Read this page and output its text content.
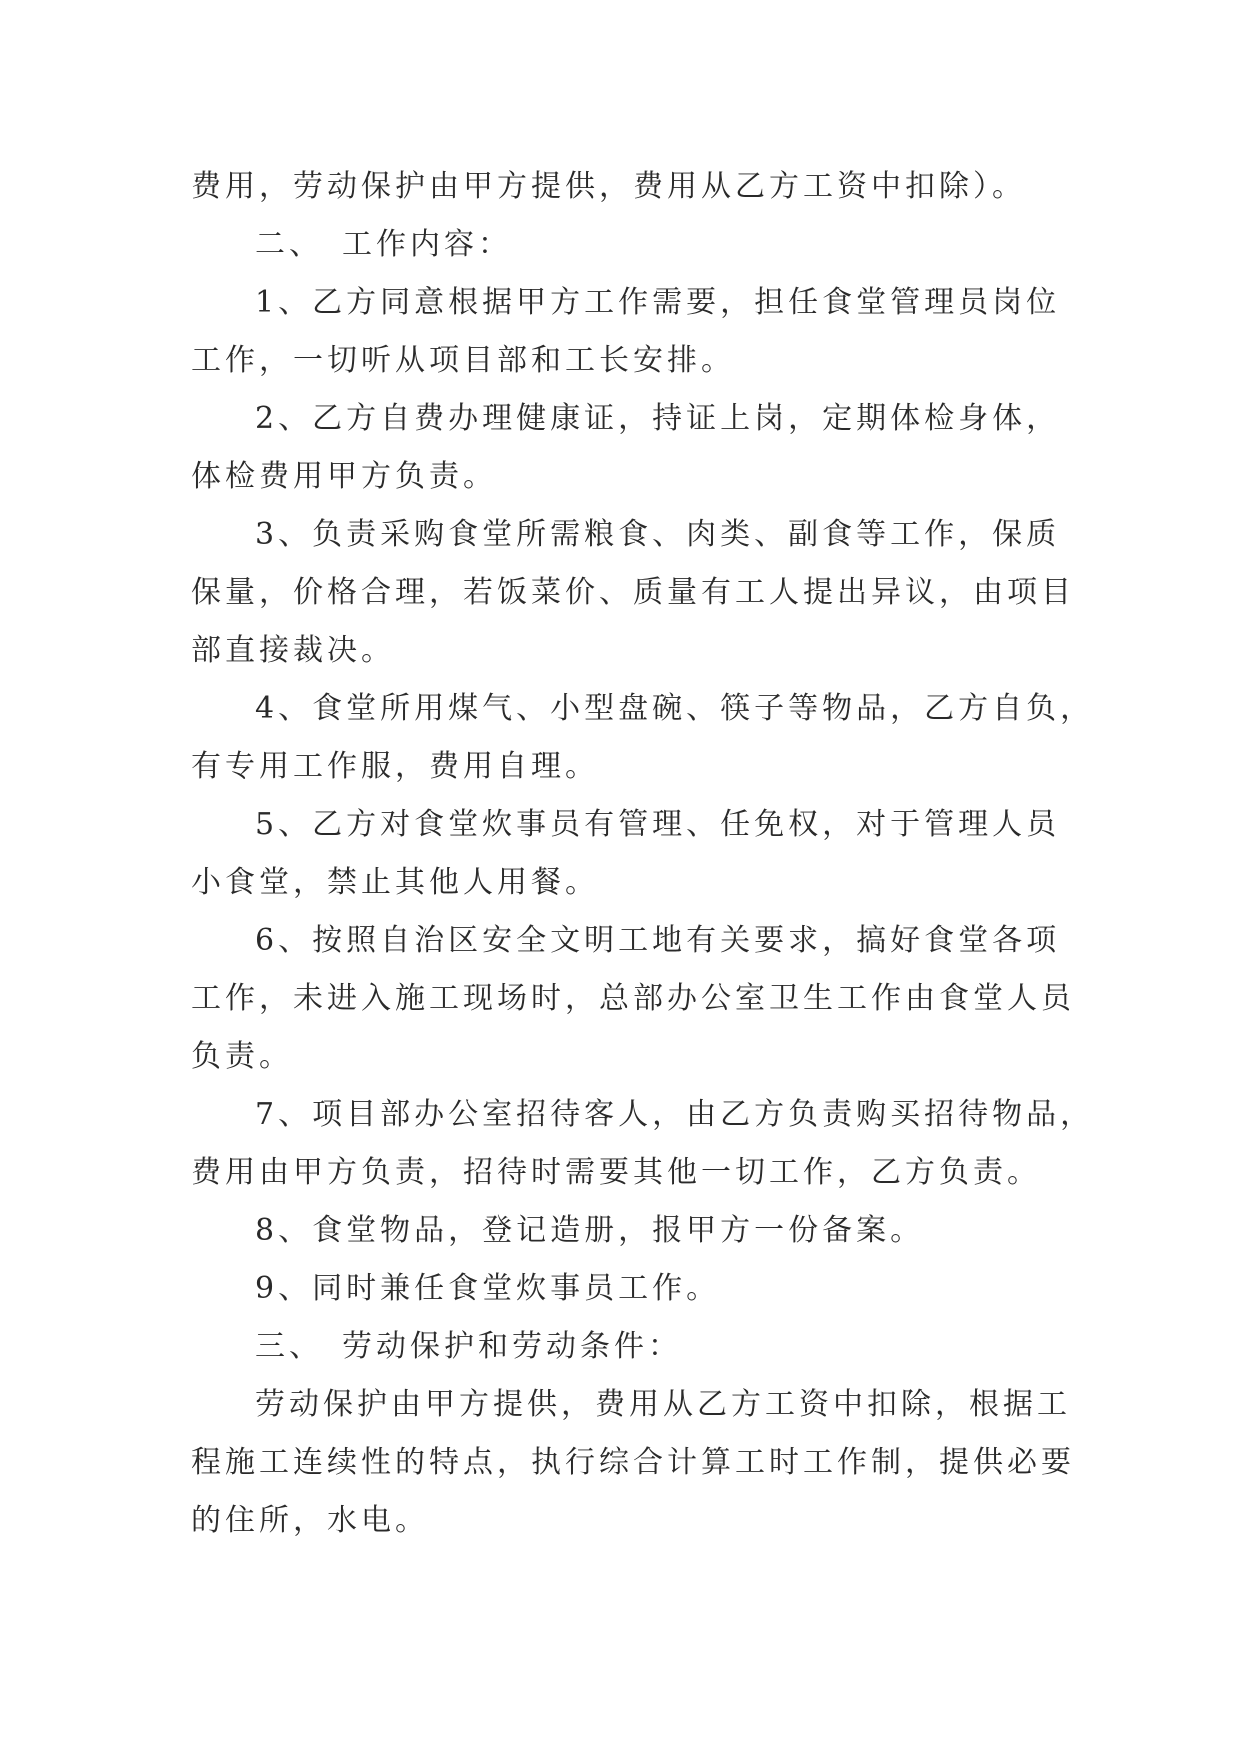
费用，劳动保护由甲方提供，费用从乙方工资中扣除）。
二、　工作内容：
1、乙方同意根据甲方工作需要，担任食堂管理员岗位
工作，一切听从项目部和工长安排。
2、乙方自费办理健康证，持证上岗，定期体检身体，
体检费用甲方负责。
3、负责采购食堂所需粮食、肉类、副食等工作，保质
保量，价格合理，若饭菜价、质量有工人提出异议，由项目
部直接裁决。
4、食堂所用煤气、小型盘碗、筷子等物品，乙方自负，
有专用工作服，费用自理。
5、乙方对食堂炊事员有管理、任免权，对于管理人员
小食堂，禁止其他人用餐。
6、按照自治区安全文明工地有关要求，搞好食堂各项
工作，未进入施工现场时，总部办公室卫生工作由食堂人员
负责。
7、项目部办公室招待客人，由乙方负责购买招待物品，
费用由甲方负责，招待时需要其他一切工作，乙方负责。
8、食堂物品，登记造册，报甲方一份备案。
9、同时兼任食堂炊事员工作。
三、　劳动保护和劳动条件：
劳动保护由甲方提供，费用从乙方工资中扣除，根据工
程施工连续性的特点，执行综合计算工时工作制，提供必要
的住所，水电。
